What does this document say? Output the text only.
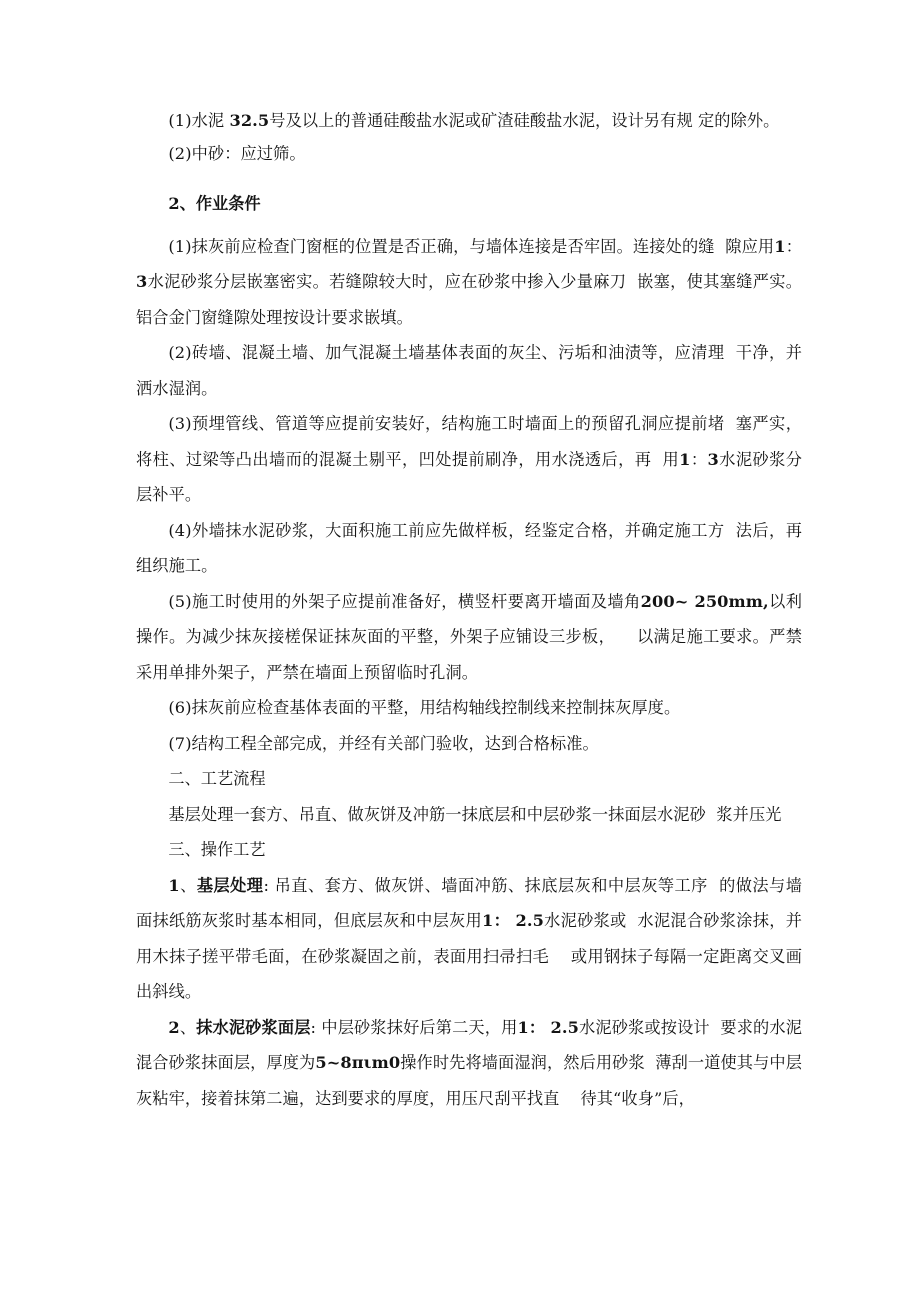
(1)水泥 32.5号及以上的普通硅酸盐水泥或矿渣硅酸盐水泥，设计另有规 定的除外。

(2)中砂：应过筛。

2、作业条件

(1)抹灰前应检查门窗框的位置是否正确，与墙体连接是否牢固。连接处的缝  隙应用1：3水泥砂浆分层嵌塞密实。若缝隙较大时，应在砂浆中掺入少量麻刀  嵌塞，使其塞缝严实。铝合金门窗缝隙处理按设计要求嵌填。

(2)砖墙、混凝土墙、加气混凝土墙基体表面的灰尘、污垢和油渍等，应清理  干净，并洒水湿润。

(3)预埋管线、管道等应提前安装好，结构施工时墙面上的预留孔洞应提前堵  塞严实，将柱、过梁等凸出墙而的混凝土剔平，凹处提前刷净，用水浇透后，再  用1：3水泥砂浆分层补平。

(4)外墙抹水泥砂浆，大面积施工前应先做样板，经鉴定合格，并确定施工方  法后，再组织施工。

(5)施工时使用的外架子应提前准备好，横竖杆要离开墙面及墙角200~ 250mm,以利操作。为减少抹灰接槎保证抹灰面的平整，外架子应铺设三步板，    以满足施工要求。严禁采用单排外架子，严禁在墙面上预留临时孔洞。

(6)抹灰前应检查基体表面的平整，用结构轴线控制线来控制抹灰厚度。

(7)结构工程全部完成，并经有关部门验收，达到合格标准。

二、工艺流程

基层处理一套方、吊直、做灰饼及冲筋一抹底层和中层砂浆一抹面层水泥砂  浆并压光

三、操作工艺

1、基层处理: 吊直、套方、做灰饼、墙面冲筋、抹底层灰和中层灰等工序  的做法与墙面抹纸筋灰浆时基本相同，但底层灰和中层灰用1： 2.5水泥砂浆或  水泥混合砂浆涂抹，并用木抹子搓平带毛面，在砂浆凝固之前，表面用扫帚扫毛    或用钢抹子每隔一定距离交叉画出斜线。

2、抹水泥砂浆面层: 中层砂浆抹好后第二天，用1： 2.5水泥砂浆或按设计  要求的水泥混合砂浆抹面层，厚度为5~8πιm0操作时先将墙面湿润，然后用砂浆  薄刮一道使其与中层灰粘牢，接着抹第二遍，达到要求的厚度，用压尺刮平找直    待其“收身”后，
